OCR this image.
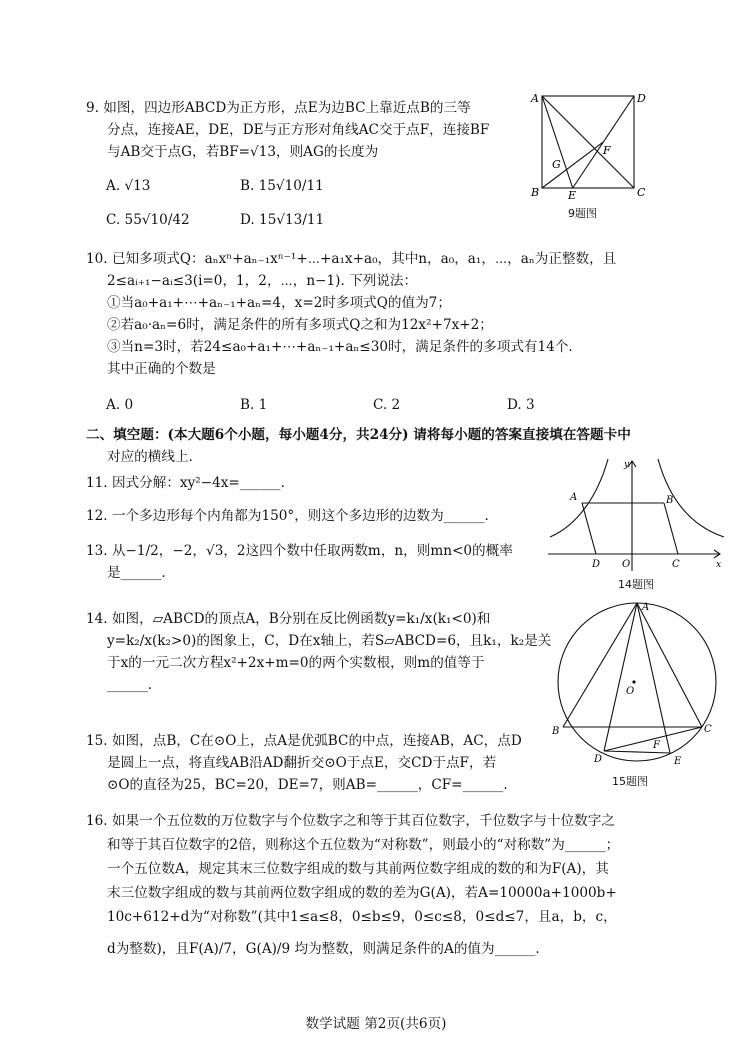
9. 如图，四边形ABCD为正方形，点E为边BC上靠近点B的三等
分点，连接AE，DE，DE与正方形对角线AC交于点F，连接BF
与AB交于点G，若BF=√13，则AG的长度为
A. √13	B. 15√10/11
C. 55√10/42	D. 15√13/11
A	D
G
F
B	E	C
9题图
10. 已知多项式Q：aₙxⁿ+aₙ₋₁xⁿ⁻¹+⋯+a₁x+a₀，其中n，a₀，a₁，⋯，aₙ为正整数，且
2≤aᵢ₊₁−aᵢ≤3(i=0，1，2，⋯，n−1). 下列说法：
①当a₀+a₁+⋯+aₙ₋₁+aₙ=4，x=2时多项式Q的值为7；
②若a₀·aₙ=6时，满足条件的所有多项式Q之和为12x²+7x+2；
③当n=3时，若24≤a₀+a₁+⋯+aₙ₋₁+aₙ≤30时，满足条件的多项式有14个.
其中正确的个数是
A. 0	B. 1	C. 2	D. 3
二、填空题：(本大题6个小题，每小题4分，共24分) 请将每小题的答案直接填在答题卡中
对应的横线上.
11. 因式分解：xy²−4x=______.
12. 一个多边形每个内角都为150°，则这个多边形的边数为______.
13. 从−1/2，−2，√3，2这四个数中任取两数m，n，则mn<0的概率
是______.
y
A	B
D O	C	x
14题图
14. 如图，▱ABCD的顶点A，B分别在反比例函数y=k₁/x(k₁<0)和
y=k₂/x(k₂>0)的图象上，C，D在x轴上，若S▱ABCD=6，且k₁，k₂是关
于x的一元二次方程x²+2x+m=0的两个实数根，则m的值等于
______.
A
O
B	C
D
F
E
15题图
15. 如图，点B，C在⊙O上，点A是优弧BC的中点，连接AB，AC，点D
是圆上一点，将直线AB沿AD翻折交⊙O于点E，交CD于点F，若
⊙O的直径为25，BC=20，DE=7，则AB=______，CF=______.
16. 如果一个五位数的万位数字与个位数字之和等于其百位数字，千位数字与十位数字之
和等于其百位数字的2倍，则称这个五位数为“对称数”，则最小的“对称数”为______；
一个五位数A，规定其末三位数字组成的数与其前两位数字组成的数的和为F(A)，其
末三位数字组成的数与其前两位数字组成的数的差为G(A)，若A=10000a+1000b+
10c+612+d为“对称数”(其中1≤a≤8，0≤b≤9，0≤c≤8，0≤d≤7，且a，b，c，
d为整数)，且F(A)/7，G(A)/9 均为整数，则满足条件的A的值为______.
数学试题 第2页(共6页)
